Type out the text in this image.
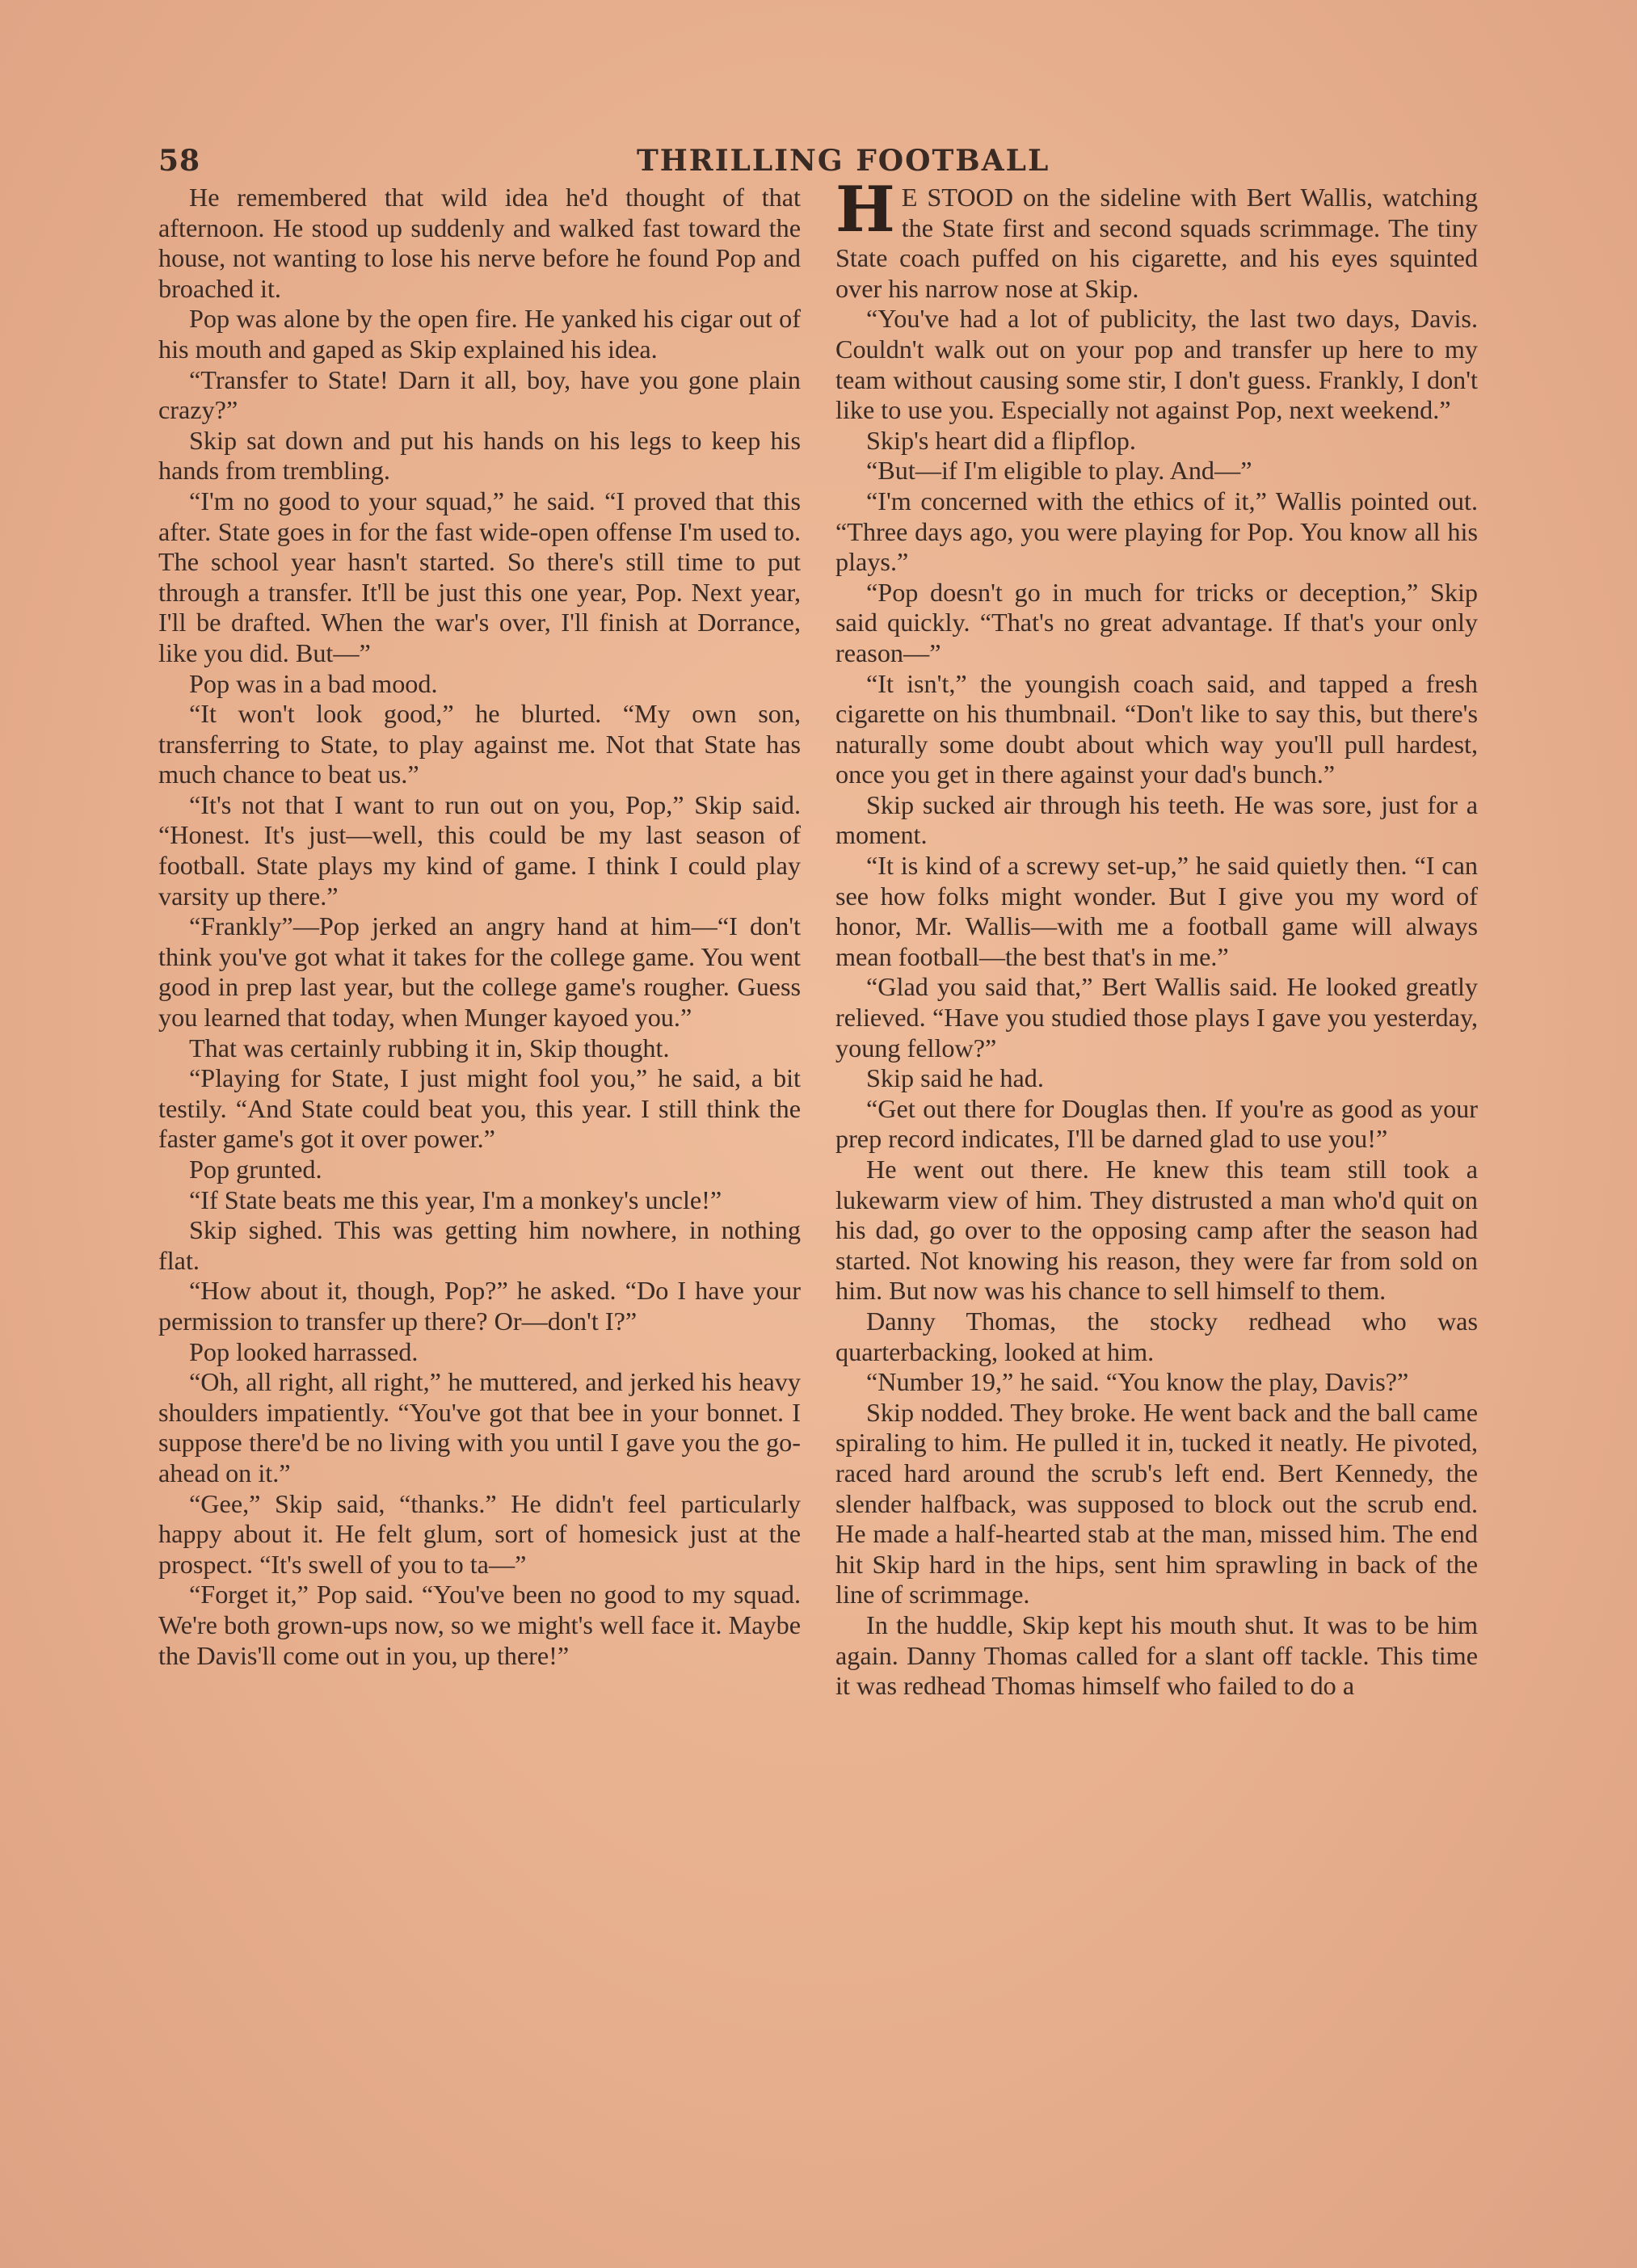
58	THRILLING FOOTBALL

He remembered that wild idea he'd thought of that afternoon. He stood up suddenly and walked fast toward the house, not wanting to lose his nerve before he found Pop and broached it.

Pop was alone by the open fire. He yanked his cigar out of his mouth and gaped as Skip explained his idea.

“Transfer to State! Darn it all, boy, have you gone plain crazy?”

Skip sat down and put his hands on his legs to keep his hands from trembling.

“I'm no good to your squad,” he said. “I proved that this after. State goes in for the fast wide-open offense I'm used to. The school year hasn't started. So there's still time to put through a transfer. It'll be just this one year, Pop. Next year, I'll be drafted. When the war's over, I'll finish at Dorrance, like you did. But—”

Pop was in a bad mood.

“It won't look good,” he blurted. “My own son, transferring to State, to play against me. Not that State has much chance to beat us.”

“It's not that I want to run out on you, Pop,” Skip said. “Honest. It's just—well, this could be my last season of football. State plays my kind of game. I think I could play varsity up there.”

“Frankly”—Pop jerked an angry hand at him—“I don't think you've got what it takes for the college game. You went good in prep last year, but the college game's rougher. Guess you learned that today, when Munger kayoed you.”

That was certainly rubbing it in, Skip thought.

“Playing for State, I just might fool you,” he said, a bit testily. “And State could beat you, this year. I still think the faster game's got it over power.”

Pop grunted.

“If State beats me this year, I'm a monkey's uncle!”

Skip sighed. This was getting him nowhere, in nothing flat.

“How about it, though, Pop?” he asked. “Do I have your permission to transfer up there? Or—don't I?”

Pop looked harrassed.

“Oh, all right, all right,” he muttered, and jerked his heavy shoulders impatiently. “You've got that bee in your bonnet. I suppose there'd be no living with you until I gave you the go-ahead on it.”

“Gee,” Skip said, “thanks.” He didn't feel particularly happy about it. He felt glum, sort of homesick just at the prospect. “It's swell of you to ta—”

“Forget it,” Pop said. “You've been no good to my squad. We're both grown-ups now, so we might's well face it. Maybe the Davis'll come out in you, up there!”

H E STOOD on the sideline with Bert Wallis, watching the State first and second squads scrimmage. The tiny State coach puffed on his cigarette, and his eyes squinted over his narrow nose at Skip.

“You've had a lot of publicity, the last two days, Davis. Couldn't walk out on your pop and transfer up here to my team without causing some stir, I don't guess. Frankly, I don't like to use you. Especially not against Pop, next weekend.”

Skip's heart did a flipflop.

“But—if I'm eligible to play. And—”

“I'm concerned with the ethics of it,” Wallis pointed out. “Three days ago, you were playing for Pop. You know all his plays.”

“Pop doesn't go in much for tricks or deception,” Skip said quickly. “That's no great advantage. If that's your only reason—”

“It isn't,” the youngish coach said, and tapped a fresh cigarette on his thumbnail. “Don't like to say this, but there's naturally some doubt about which way you'll pull hardest, once you get in there against your dad's bunch.”

Skip sucked air through his teeth. He was sore, just for a moment.

“It is kind of a screwy set-up,” he said quietly then. “I can see how folks might wonder. But I give you my word of honor, Mr. Wallis—with me a football game will always mean football—the best that's in me.”

“Glad you said that,” Bert Wallis said. He looked greatly relieved. “Have you studied those plays I gave you yesterday, young fellow?”

Skip said he had.

“Get out there for Douglas then. If you're as good as your prep record indicates, I'll be darned glad to use you!”

He went out there. He knew this team still took a lukewarm view of him. They distrusted a man who'd quit on his dad, go over to the opposing camp after the season had started. Not knowing his reason, they were far from sold on him. But now was his chance to sell himself to them.

Danny Thomas, the stocky redhead who was quarterbacking, looked at him.

“Number 19,” he said. “You know the play, Davis?”

Skip nodded. They broke. He went back and the ball came spiraling to him. He pulled it in, tucked it neatly. He pivoted, raced hard around the scrub's left end. Bert Kennedy, the slender halfback, was supposed to block out the scrub end. He made a half-hearted stab at the man, missed him. The end hit Skip hard in the hips, sent him sprawling in back of the line of scrimmage.

In the huddle, Skip kept his mouth shut. It was to be him again. Danny Thomas called for a slant off tackle. This time it was redhead Thomas himself who failed to do a
